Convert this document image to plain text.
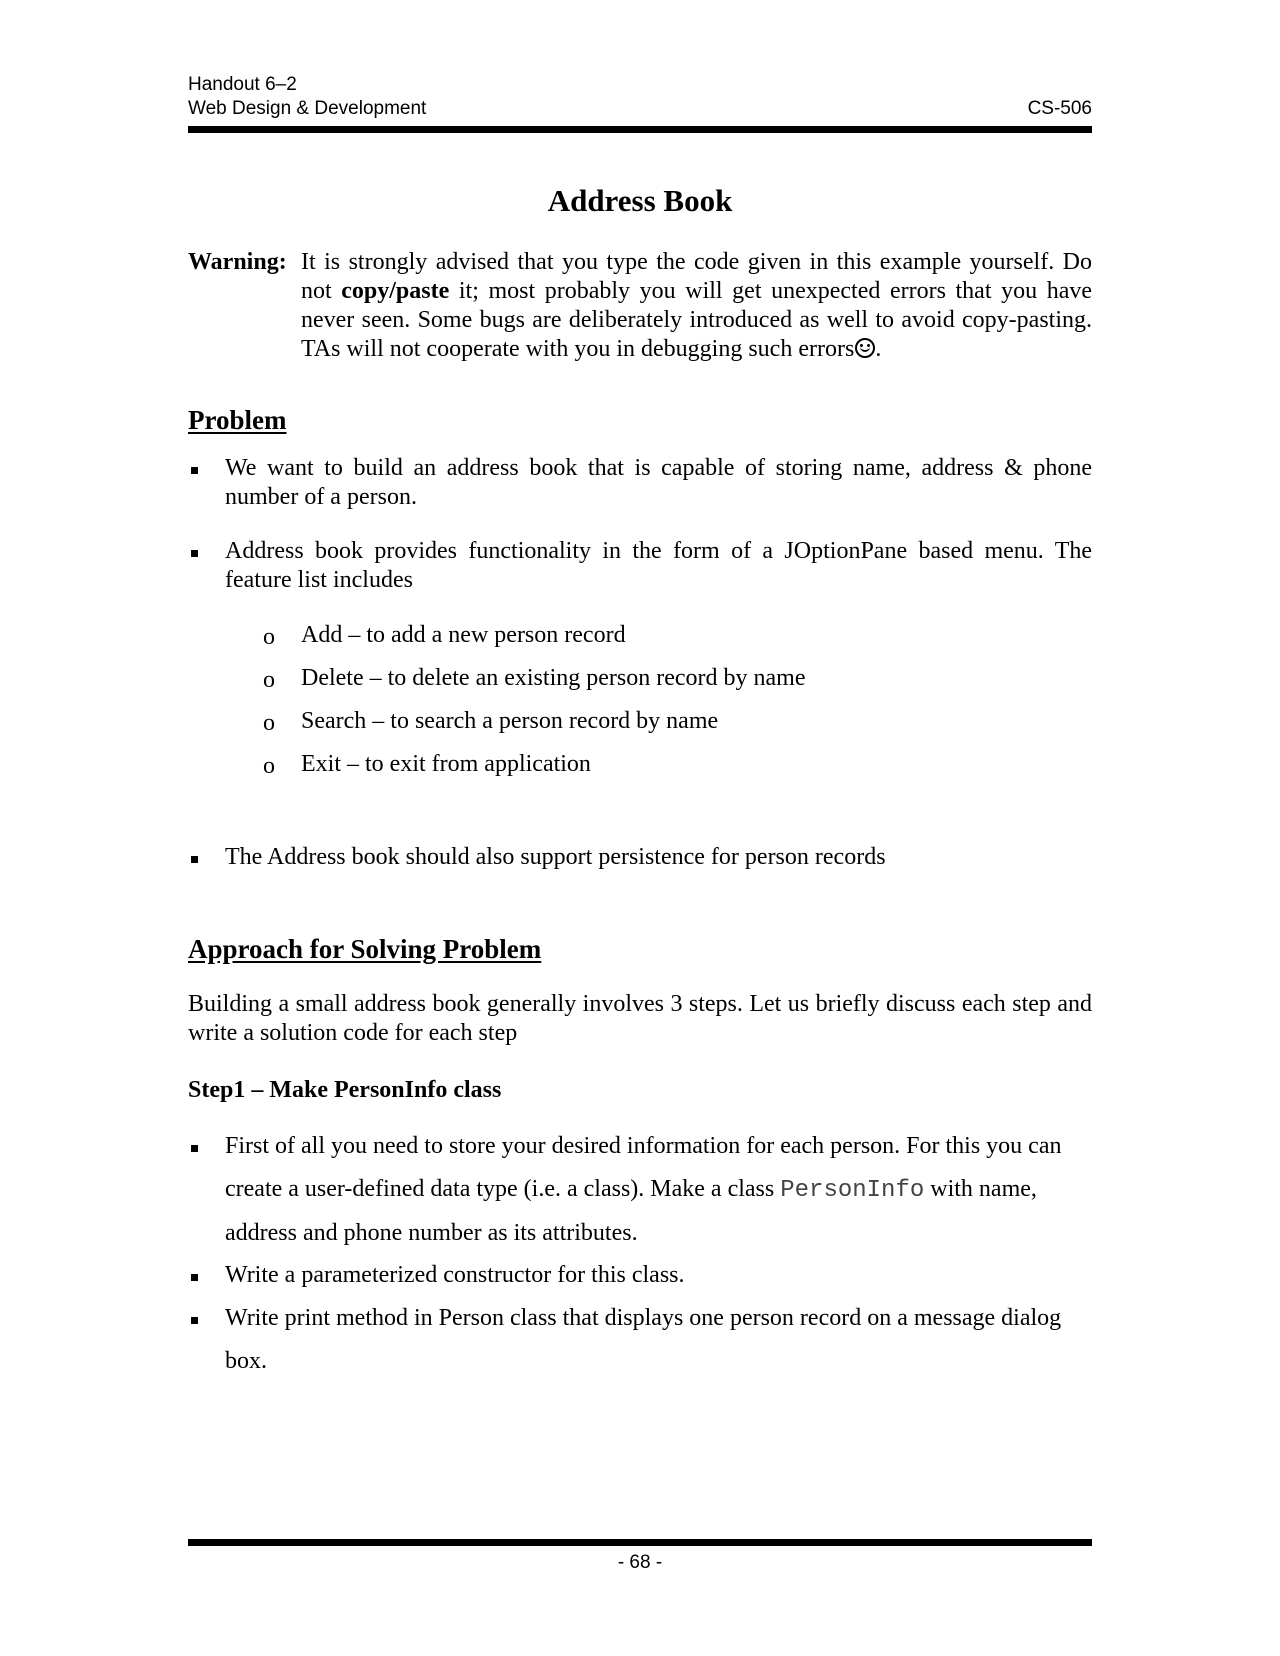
Handout 6–2
Web Design & Development	CS-506
Address Book
Warning: It is strongly advised that you type the code given in this example yourself. Do not copy/paste it; most probably you will get unexpected errors that you have never seen. Some bugs are deliberately introduced as well to avoid copy-pasting. TAs will not cooperate with you in debugging such errors .
Problem
We want to build an address book that is capable of storing name, address & phone number of a person.
Address book provides functionality in the form of a JOptionPane based menu. The feature list includes
o Add – to add a new person record
o Delete – to delete an existing person record by name
o Search – to search a person record by name
o Exit – to exit from application
The Address book should also support persistence for person records
Approach for Solving Problem
Building a small address book generally involves 3 steps. Let us briefly discuss each step and write a solution code for each step
Step1 – Make PersonInfo class
First of all you need to store your desired information for each person. For this you can create a user-defined data type (i.e. a class). Make a class PersonInfo with name, address and phone number as its attributes.
Write a parameterized constructor for this class.
Write print method in Person class that displays one person record on a message dialog box.
- 68 -
